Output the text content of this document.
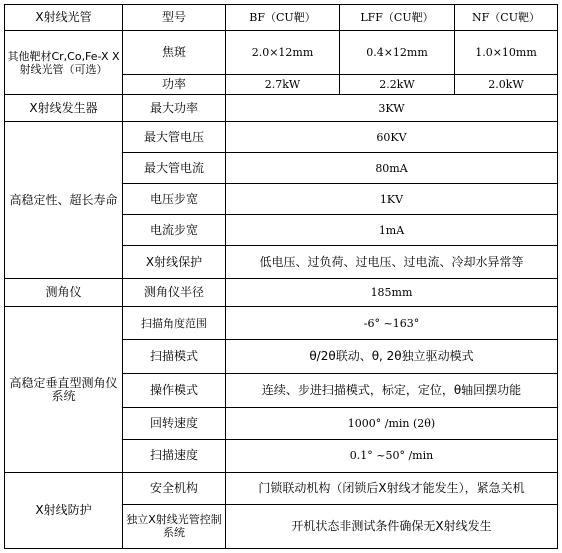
X射线光管	型号	BF（CU靶）	LFF（CU靶）	NF（CU靶）
其他靶材Cr,Co,Fe-X X射线光管（可选）	焦斑	2.0×12mm	0.4×12mm	1.0×10mm
	功率	2.7kW	2.2kW	2.0kW
X射线发生器	最大功率	3KW		
高稳定性、超长寿命	最大管电压	60KV		
	最大管电流	80mA		
	电压步宽	1KV		
	电流步宽	1mA		
	X射线保护	低电压、过负荷、过电压、过电流、冷却水异常等		
测角仪	测角仪半径	185mm		
高稳定垂直型测角仪系统	扫描角度范围	-6° ~163°		
	扫描模式	θ/2θ联动、θ, 2θ独立驱动模式		
	操作模式	连续、步进扫描模式，标定，定位，θ轴回摆功能		
	回转速度	1000° /min (2θ)		
	扫描速度	0.1° ~50° /min		
X射线防护	安全机构	门锁联动机构（闭锁后X射线才能发生），紧急关机		
	独立X射线光管控制系统	开机状态非测试条件确保无X射线发生		
